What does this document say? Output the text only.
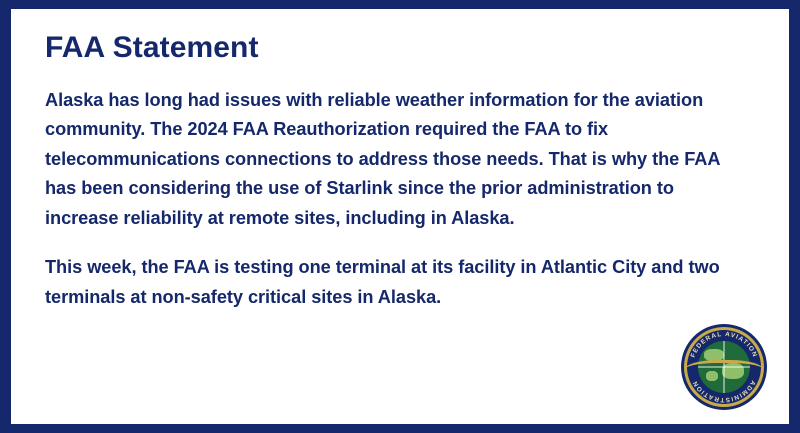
FAA Statement

Alaska has long had issues with reliable weather information for the aviation community. The 2024 FAA Reauthorization required the FAA to fix telecommunications connections to address those needs. That is why the FAA has been considering the use of Starlink since the prior administration to increase reliability at remote sites, including in Alaska.

This week, the FAA is testing one terminal at its facility in Atlantic City and two terminals at non-safety critical sites in Alaska.

FEDERAL AVIATION
ADMINISTRATION
